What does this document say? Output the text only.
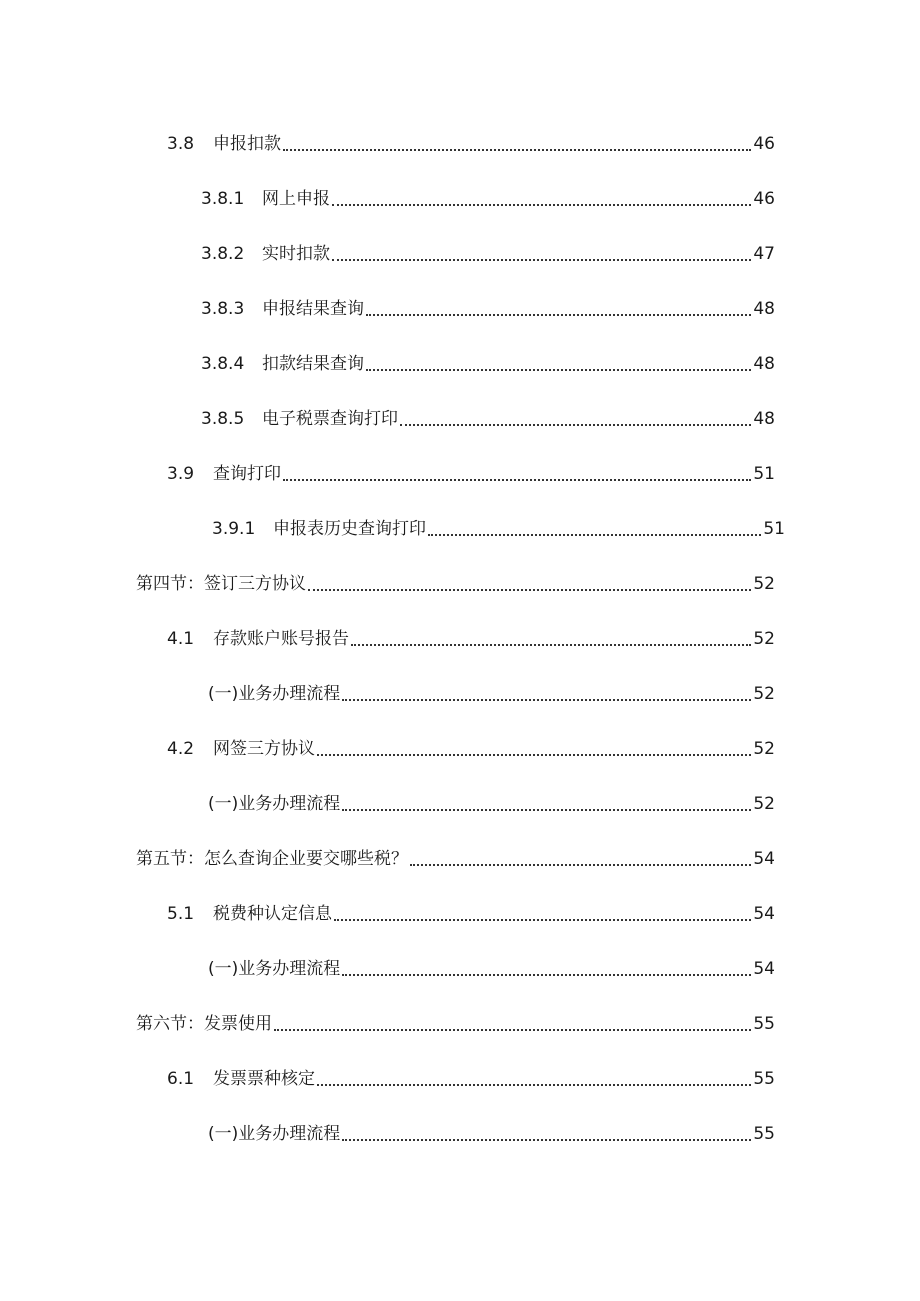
3.8	申报扣款	46
3.8.1	网上申报	46
3.8.2	实时扣款	47
3.8.3	申报结果查询	48
3.8.4	扣款结果查询	48
3.8.5	电子税票查询打印	48
3.9	查询打印	51
3.9.1	申报表历史查询打印	51
第四节：签订三方协议	52
4.1	存款账户账号报告	52
(一)业务办理流程	52
4.2	网签三方协议	52
(一)业务办理流程	52
第五节：怎么查询企业要交哪些税？	54
5.1	税费种认定信息	54
(一)业务办理流程	54
第六节：发票使用	55
6.1	发票票种核定	55
(一)业务办理流程	55
